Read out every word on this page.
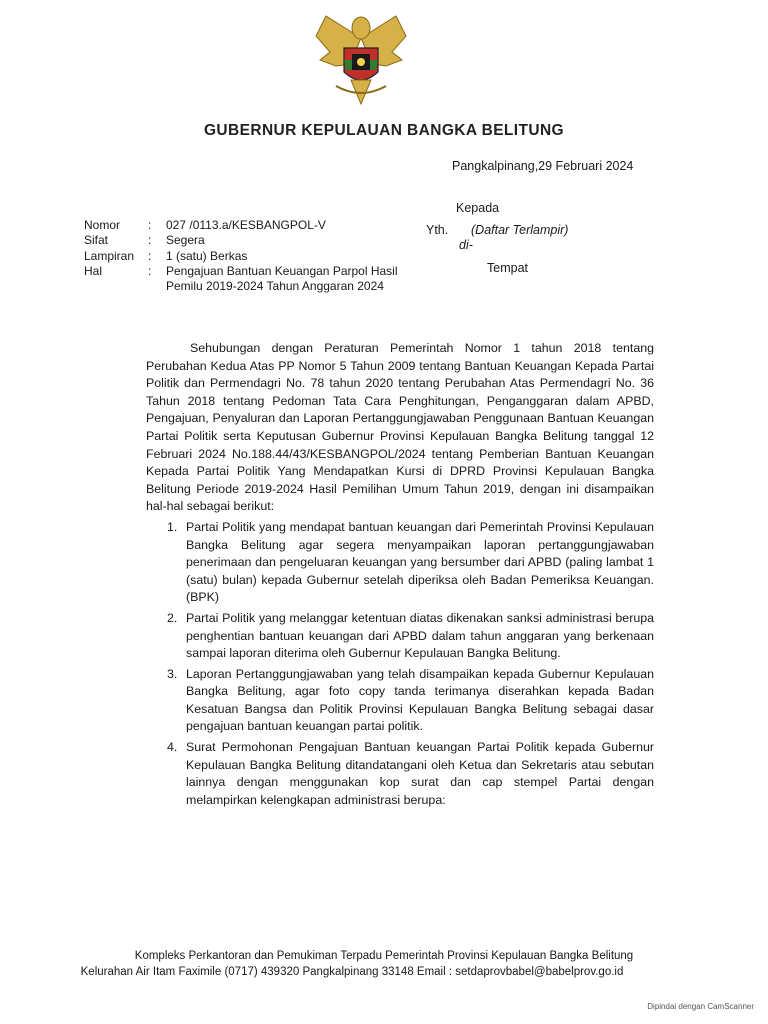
GUBERNUR KEPULAUAN BANGKA BELITUNG
Pangkalpinang,29 Februari 2024
Kepada
Yth. (Daftar Terlampir)
di-
Tempat
Nomor	:	027 /0113.a/KESBANGPOL-V
Sifat	:	Segera
Lampiran	:	1 (satu) Berkas
Hal	:	Pengajuan Bantuan Keuangan Parpol Hasil Pemilu 2019-2024 Tahun Anggaran 2024

Sehubungan dengan Peraturan Pemerintah Nomor 1 tahun 2018 tentang Perubahan Kedua Atas PP Nomor 5 Tahun 2009 tentang Bantuan Keuangan Kepada Partai Politik dan Permendagri No. 78 tahun 2020 tentang Perubahan Atas Permendagri No. 36 Tahun 2018 tentang Pedoman Tata Cara Penghitungan, Penganggaran dalam APBD, Pengajuan, Penyaluran dan Laporan Pertanggungjawaban Penggunaan Bantuan Keuangan Partai Politik serta Keputusan Gubernur Provinsi Kepulauan Bangka Belitung tanggal 12 Februari 2024 No.188.44/43/KESBANGPOL/2024 tentang Pemberian Bantuan Keuangan Kepada Partai Politik Yang Mendapatkan Kursi di DPRD Provinsi Kepulauan Bangka Belitung Periode 2019-2024 Hasil Pemilihan Umum Tahun 2019, dengan ini disampaikan hal-hal sebagai berikut:

1. Partai Politik yang mendapat bantuan keuangan dari Pemerintah Provinsi Kepulauan Bangka Belitung agar segera menyampaikan laporan pertanggungjawaban penerimaan dan pengeluaran keuangan yang bersumber dari APBD (paling lambat 1 (satu) bulan) kepada Gubernur setelah diperiksa oleh Badan Pemeriksa Keuangan.(BPK)
2. Partai Politik yang melanggar ketentuan diatas dikenakan sanksi administrasi berupa penghentian bantuan keuangan dari APBD dalam tahun anggaran yang berkenaan sampai laporan diterima oleh Gubernur Kepulauan Bangka Belitung.
3. Laporan Pertanggungjawaban yang telah disampaikan kepada Gubernur Kepulauan Bangka Belitung, agar foto copy tanda terimanya diserahkan kepada Badan Kesatuan Bangsa dan Politik Provinsi Kepulauan Bangka Belitung sebagai dasar pengajuan bantuan keuangan partai politik.
4. Surat Permohonan Pengajuan Bantuan keuangan Partai Politik kepada Gubernur Kepulauan Bangka Belitung ditandatangani oleh Ketua dan Sekretaris atau sebutan lainnya dengan menggunakan kop surat dan cap stempel Partai dengan melampirkan kelengkapan administrasi berupa:
Kompleks Perkantoran dan Pemukiman Terpadu Pemerintah Provinsi Kepulauan Bangka Belitung
Kelurahan Air Itam Faximile (0717) 439320 Pangkalpinang 33148 Email : setdaprovbabel@babelprov.go.id
Dipindai dengan CamScanner
